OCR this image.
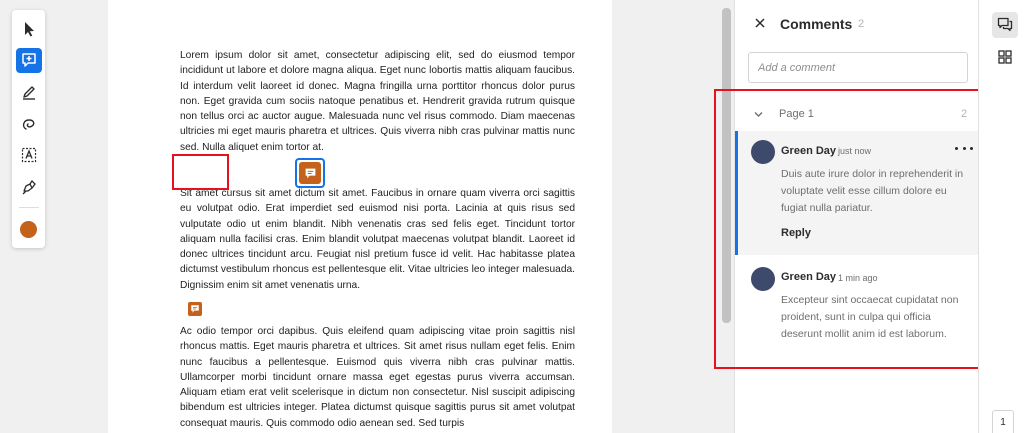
Lorem ipsum dolor sit amet, consectetur adipiscing elit, sed do eiusmod tempor incididunt ut labore et dolore magna aliqua. Eget nunc lobortis mattis aliquam faucibus. Id interdum velit laoreet id donec. Magna fringilla urna porttitor rhoncus dolor purus non. Eget gravida cum sociis natoque penatibus et. Hendrerit gravida rutrum quisque non tellus orci ac auctor augue. Malesuada nunc vel risus commodo. Diam maecenas ultricies mi eget mauris pharetra et ultrices. Quis viverra nibh cras pulvinar mattis nunc sed. Nulla aliquet enim tortor at.

Sit amet cursus sit amet dictum sit amet. Faucibus in ornare quam viverra orci sagittis eu volutpat odio. Erat imperdiet sed euismod nisi porta. Lacinia at quis risus sed vulputate odio ut enim blandit. Nibh venenatis cras sed felis eget. Tincidunt tortor aliquam nulla facilisi cras. Enim blandit volutpat maecenas volutpat blandit. Laoreet id donec ultrices tincidunt arcu. Feugiat nisl pretium fusce id velit. Hac habitasse platea dictumst vestibulum rhoncus est pellentesque elit. Vitae ultricies leo integer malesuada. Dignissim enim sit amet venenatis urna.

Ac odio tempor orci dapibus. Quis eleifend quam adipiscing vitae proin sagittis nisl rhoncus mattis. Eget mauris pharetra et ultrices. Sit amet risus nullam eget felis. Enim nunc faucibus a pellentesque. Euismod quis viverra nibh cras pulvinar mattis. Ullamcorper morbi tincidunt ornare massa eget egestas purus viverra accumsan. Aliquam etiam erat velit scelerisque in dictum non consectetur. Nisl suscipit adipiscing bibendum est ultricies integer. Platea dictumst quisque sagittis purus sit amet volutpat consequat mauris. Quis commodo odio aenean sed. Sed turpis

Comments 2
Add a comment
Page 1	2
Green Day just now

Duis aute irure dolor in reprehenderit in voluptate velit esse cillum dolore eu fugiat nulla pariatur.

Reply
Green Day 1 min ago

Excepteur sint occaecat cupidatat non proident, sunt in culpa qui officia deserunt mollit anim id est laborum.

1
